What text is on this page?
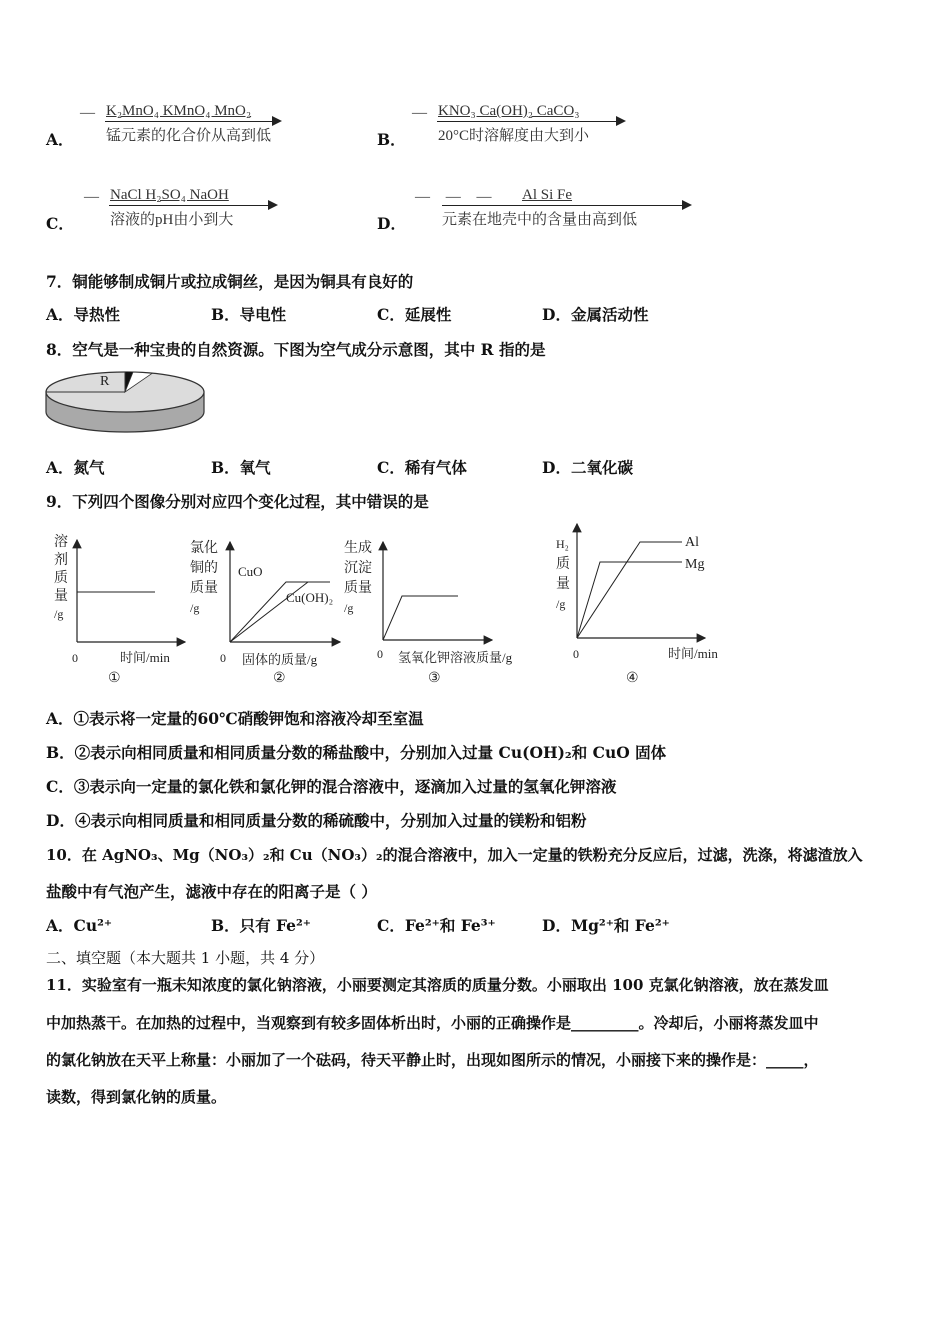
A．
— K₂MnO₄ KMnO₄ MnO₂
锰元素的化合价从高到低	B．
— KNO₃ Ca(OH)₂ CaCO₃
20°C时溶解度由大到小
C．
— NaCl H₂SO₄ NaOH
溶液的pH由小到大	D．
— — — Al Si Fe
元素在地壳中的含量由高到低
7．铜能够制成铜片或拉成铜丝，是因为铜具有良好的
A．导热性	B．导电性	C．延展性	D．金属活动性
8．空气是一种宝贵的自然资源。下图为空气成分示意图，其中 R 指的是
R
A．氮气	B．氧气	C．稀有气体	D．二氧化碳
9．下列四个图像分别对应四个变化过程，其中错误的是
溶
剂
质
量
/g
0	时间/min
①
氯化
铜的
质量
/g
CuO
Cu(OH)₂
0 固体的质量/g
②
生成
沉淀
质量
/g
0 氢氧化钾溶液质量/g
③
H₂
质
量
/g
Al
Mg
0	时间/min
④
A．①表示将一定量的60℃硝酸钾饱和溶液冷却至室温
B．②表示向相同质量和相同质量分数的稀盐酸中，分别加入过量 Cu(OH)₂和 CuO 固体
C．③表示向一定量的氯化铁和氯化钾的混合溶液中，逐滴加入过量的氢氧化钾溶液
D．④表示向相同质量和相同质量分数的稀硫酸中，分别加入过量的镁粉和铝粉
10．在 AgNO₃、Mg（NO₃）₂和 Cu（NO₃）₂的混合溶液中，加入一定量的铁粉充分反应后，过滤，洗涤，将滤渣放入
盐酸中有气泡产生，滤液中存在的阳离子是（ ）
A．Cu²⁺	B．只有 Fe²⁺	C．Fe²⁺和 Fe³⁺	D．Mg²⁺和 Fe²⁺
二、填空题（本大题共 1 小题，共 4 分）
11．实验室有一瓶未知浓度的氯化钠溶液，小丽要测定其溶质的质量分数。小丽取出 100 克氯化钠溶液，放在蒸发皿
中加热蒸干。在加热的过程中，当观察到有较多固体析出时，小丽的正确操作是_________。冷却后，小丽将蒸发皿中
的氯化钠放在天平上称量：小丽加了一个砝码，待天平静止时，出现如图所示的情况，小丽接下来的操作是：_____，
读数，得到氯化钠的质量。
